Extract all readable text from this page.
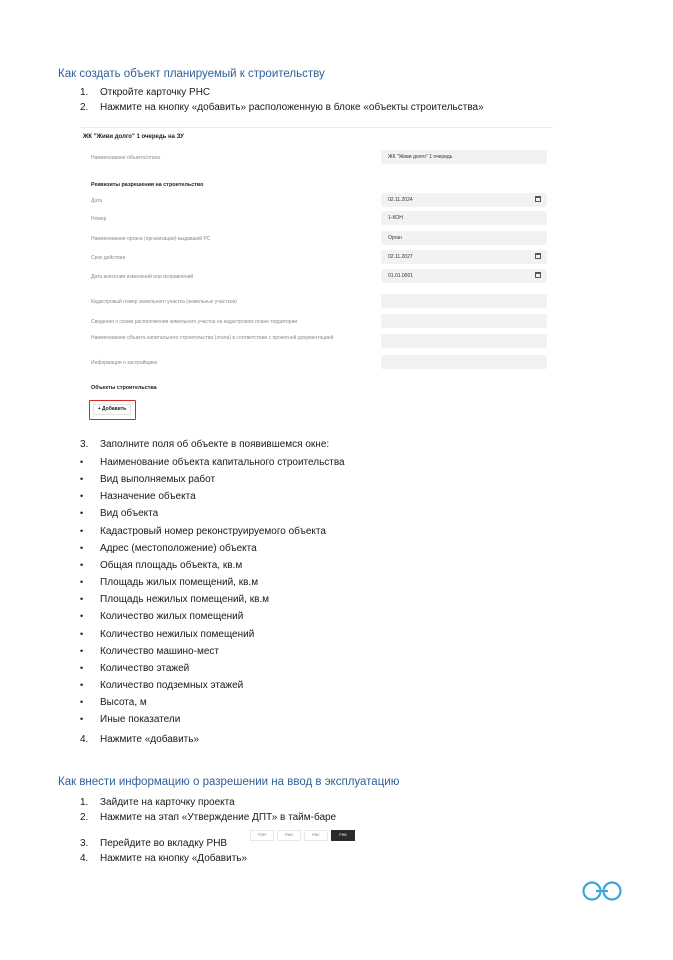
Как создать объект планируемый к строительству
1.	Откройте карточку РНС
2.	Нажмите на кнопку «добавить» расположенную в блоке «объекты строительства»
ЖК "Живи долго" 1 очередь на ЗУ
Наименование объекта/этапа	ЖК "Живи долго" 1 очередь
Реквизиты разрешения на строительство
Дата	02.11.2024
Номер	1-КОН
Наименование органа (организации) выдавшей РС	Орган
Срок действия	02.11.2027
Дата внесения изменений или исправлений	01.01.0001
Кадастровый номер земельного участка (земельных участков)
Сведения о схеме расположения земельного участка на кадастровом плане территории
Наименование объекта капитального строительства (этапа) в соответствии с проектной документацией
Информация о застройщике
Объекты строительства
+ Добавить
3.	Заполните поля об объекте в появившемся окне:
•	Наименование объекта капитального строительства
•	Вид выполняемых работ
•	Назначение объекта
•	Вид объекта
•	Кадастровый номер реконструируемого объекта
•	Адрес (местоположение) объекта
•	Общая площадь объекта, кв.м
•	Площадь жилых помещений, кв.м
•	Площадь нежилых помещений, кв.м
•	Количество жилых помещений
•	Количество нежилых помещений
•	Количество машино-мест
•	Количество этажей
•	Количество подземных этажей
•	Высота, м
•	Иные показатели
4.	Нажмите «добавить»
Как внести информацию о разрешении на ввод в эксплуатацию
1.	Зайдите на карточку проекта
2.	Нажмите на этап «Утверждение ДПТ» в тайм-баре
3.	Перейдите во вкладку РНВ
ГПЗУ	РНИ	РНС	РНВ
4.	Нажмите на кнопку «Добавить»
